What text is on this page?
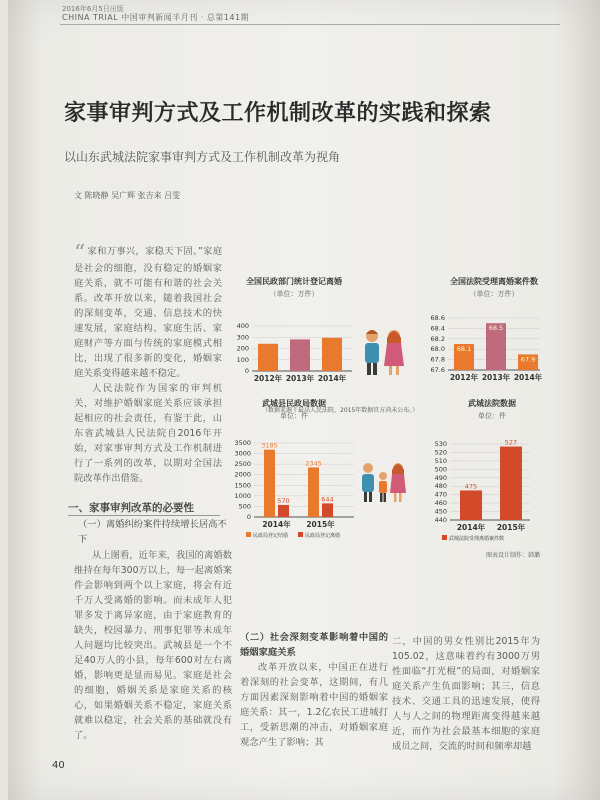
2016年6月5日出版
CHINA TRIAL 中国审判新闻半月刊 · 总第141期
家事审判方式及工作机制改革的实践和探索
以山东武城法院家事审判方式及工作机制改革为视角
文 陈晓静 吴广辉 张吉来 吕雯

“ 家和万事兴，家稳天下固。”家庭是社会的细胞，没有稳定的婚姻家庭关系，就不可能有和谐的社会关系。改革开放以来，随着我国社会的深刻变革，交通、信息技术的快速发展，家庭结构、家庭生活、家庭财产等方面与传统的家庭模式相比，出现了很多新的变化，婚姻家庭关系变得越来越不稳定。

人民法院作为国家的审判机关，对维护婚姻家庭关系应该承担起相应的社会责任，有鉴于此，山东省武城县人民法院自2016年开始，对家事审判方式及工作机制进行了一系列的改革，以期对全国法院改革作出借鉴。

一、家事审判改革的必要性
（一）离婚纠纷案件持续增长居高不下

从上图看，近年来，我国的离婚数维持在每年300万以上，每一起离婚案件会影响到两个以上家庭，将会有近千万人受离婚的影响。而未成年人犯罪多发于离异家庭，由于家庭教育的缺失，校园暴力、刑事犯罪等未成年人问题均比较突出。武城县是一个不足40万人的小县，每年600对左右离婚，影响更是显而易见。家庭是社会的细胞，婚姻关系是家庭关系的核心，如果婚姻关系不稳定，家庭关系就难以稳定，社会关系的基础就没有了。

（二）社会深刻变革影响着中国的婚姻家庭关系

改革开放以来，中国正在进行着深刻的社会变革，这期间，有几方面因素深刻影响着中国的婚姻家庭关系：其一，1.2亿农民工进城打工，受新思潮的冲击，对婚姻家庭观念产生了影响；其

二，中国的男女性别比2015年为105.02，这意味着约有3000万男性面临“打光棍”的局面，对婚姻家庭关系产生负面影响；其三，信息技术、交通工具的迅速发展，使得人与人之间的物理距离变得越来越近，而作为社会最基本细胞的家庭成员之间，交流的时间和频率却越

40
全国民政部门统计登记离婚
（单位：万件）
400
300
200
100
0
2012年 2013年 2014年
全国法院受理离婚案件数
（单位：万件）
68.6
68.4
68.2
68.0
67.8
67.6
68.1
2012年
68.5
2013年
67.9
2014年
武城县民政局数据
单位：件
3500
3000
2500
2000
1500
1000
500
0
3185
570
2014年
2345
644
2015年
民政局登记结婚	民政局登记离婚
武城法院数据
单位：件
530
520
510
500
490
480
470
460
450
440
475
2014年
527
2015年
武城法院受理离婚案件数
（数据来源于最高人民法院，2015年数据官方尚未公布。）
图表设计制作：韩璐
